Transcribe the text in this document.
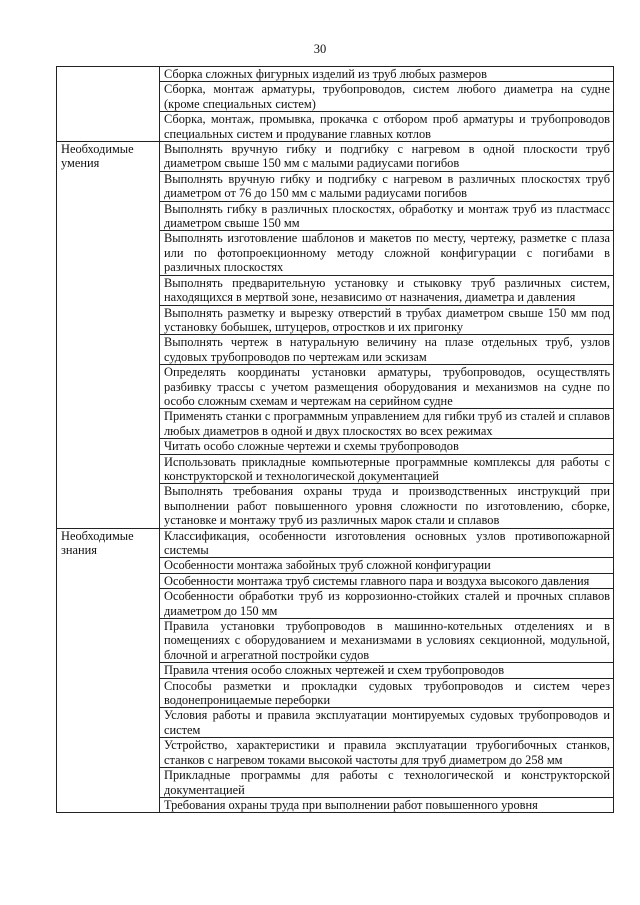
30
	Сборка сложных фигурных изделий из труб любых размеров
	Сборка, монтаж арматуры, трубопроводов, систем любого диаметра на судне (кроме специальных систем)
	Сборка, монтаж, промывка, прокачка с отбором проб арматуры и трубопроводов специальных систем и продувание главных котлов
Необходимые умения	Выполнять вручную гибку и подгибку с нагревом в одной плоскости труб диаметром свыше 150 мм с малыми радиусами погибов
	Выполнять вручную гибку и подгибку с нагревом в различных плоскостях труб диаметром от 76 до 150 мм с малыми радиусами погибов
	Выполнять гибку в различных плоскостях, обработку и монтаж труб из пластмасс диаметром свыше 150 мм
	Выполнять изготовление шаблонов и макетов по месту, чертежу, разметке с плаза или по фотопроекционному методу сложной конфигурации с погибами в различных плоскостях
	Выполнять предварительную установку и стыковку труб различных систем, находящихся в мертвой зоне, независимо от назначения, диаметра и давления
	Выполнять разметку и вырезку отверстий в трубах диаметром свыше 150 мм под установку бобышек, штуцеров, отростков и их пригонку
	Выполнять чертеж в натуральную величину на плазе отдельных труб, узлов судовых трубопроводов по чертежам или эскизам
	Определять координаты установки арматуры, трубопроводов, осуществлять разбивку трассы с учетом размещения оборудования и механизмов на судне по особо сложным схемам и чертежам на серийном судне
	Применять станки с программным управлением для гибки труб из сталей и сплавов любых диаметров в одной и двух плоскостях во всех режимах
	Читать особо сложные чертежи и схемы трубопроводов
	Использовать прикладные компьютерные программные комплексы для работы с конструкторской и технологической документацией
	Выполнять требования охраны труда и производственных инструкций при выполнении работ повышенного уровня сложности по изготовлению, сборке, установке и монтажу труб из различных марок стали и сплавов
Необходимые знания	Классификация, особенности изготовления основных узлов противопожарной системы
	Особенности монтажа забойных труб сложной конфигурации
	Особенности монтажа труб системы главного пара и воздуха высокого давления
	Особенности обработки труб из коррозионно-стойких сталей и прочных сплавов диаметром до 150 мм
	Правила установки трубопроводов в машинно-котельных отделениях и в помещениях с оборудованием и механизмами в условиях секционной, модульной, блочной и агрегатной постройки судов
	Правила чтения особо сложных чертежей и схем трубопроводов
	Способы разметки и прокладки судовых трубопроводов и систем через водонепроницаемые переборки
	Условия работы и правила эксплуатации монтируемых судовых трубопроводов и систем
	Устройство, характеристики и правила эксплуатации трубогибочных станков, станков с нагревом токами высокой частоты для труб диаметром до 258 мм
	Прикладные программы для работы с технологической и конструкторской документацией
	Требования охраны труда при выполнении работ повышенного уровня
